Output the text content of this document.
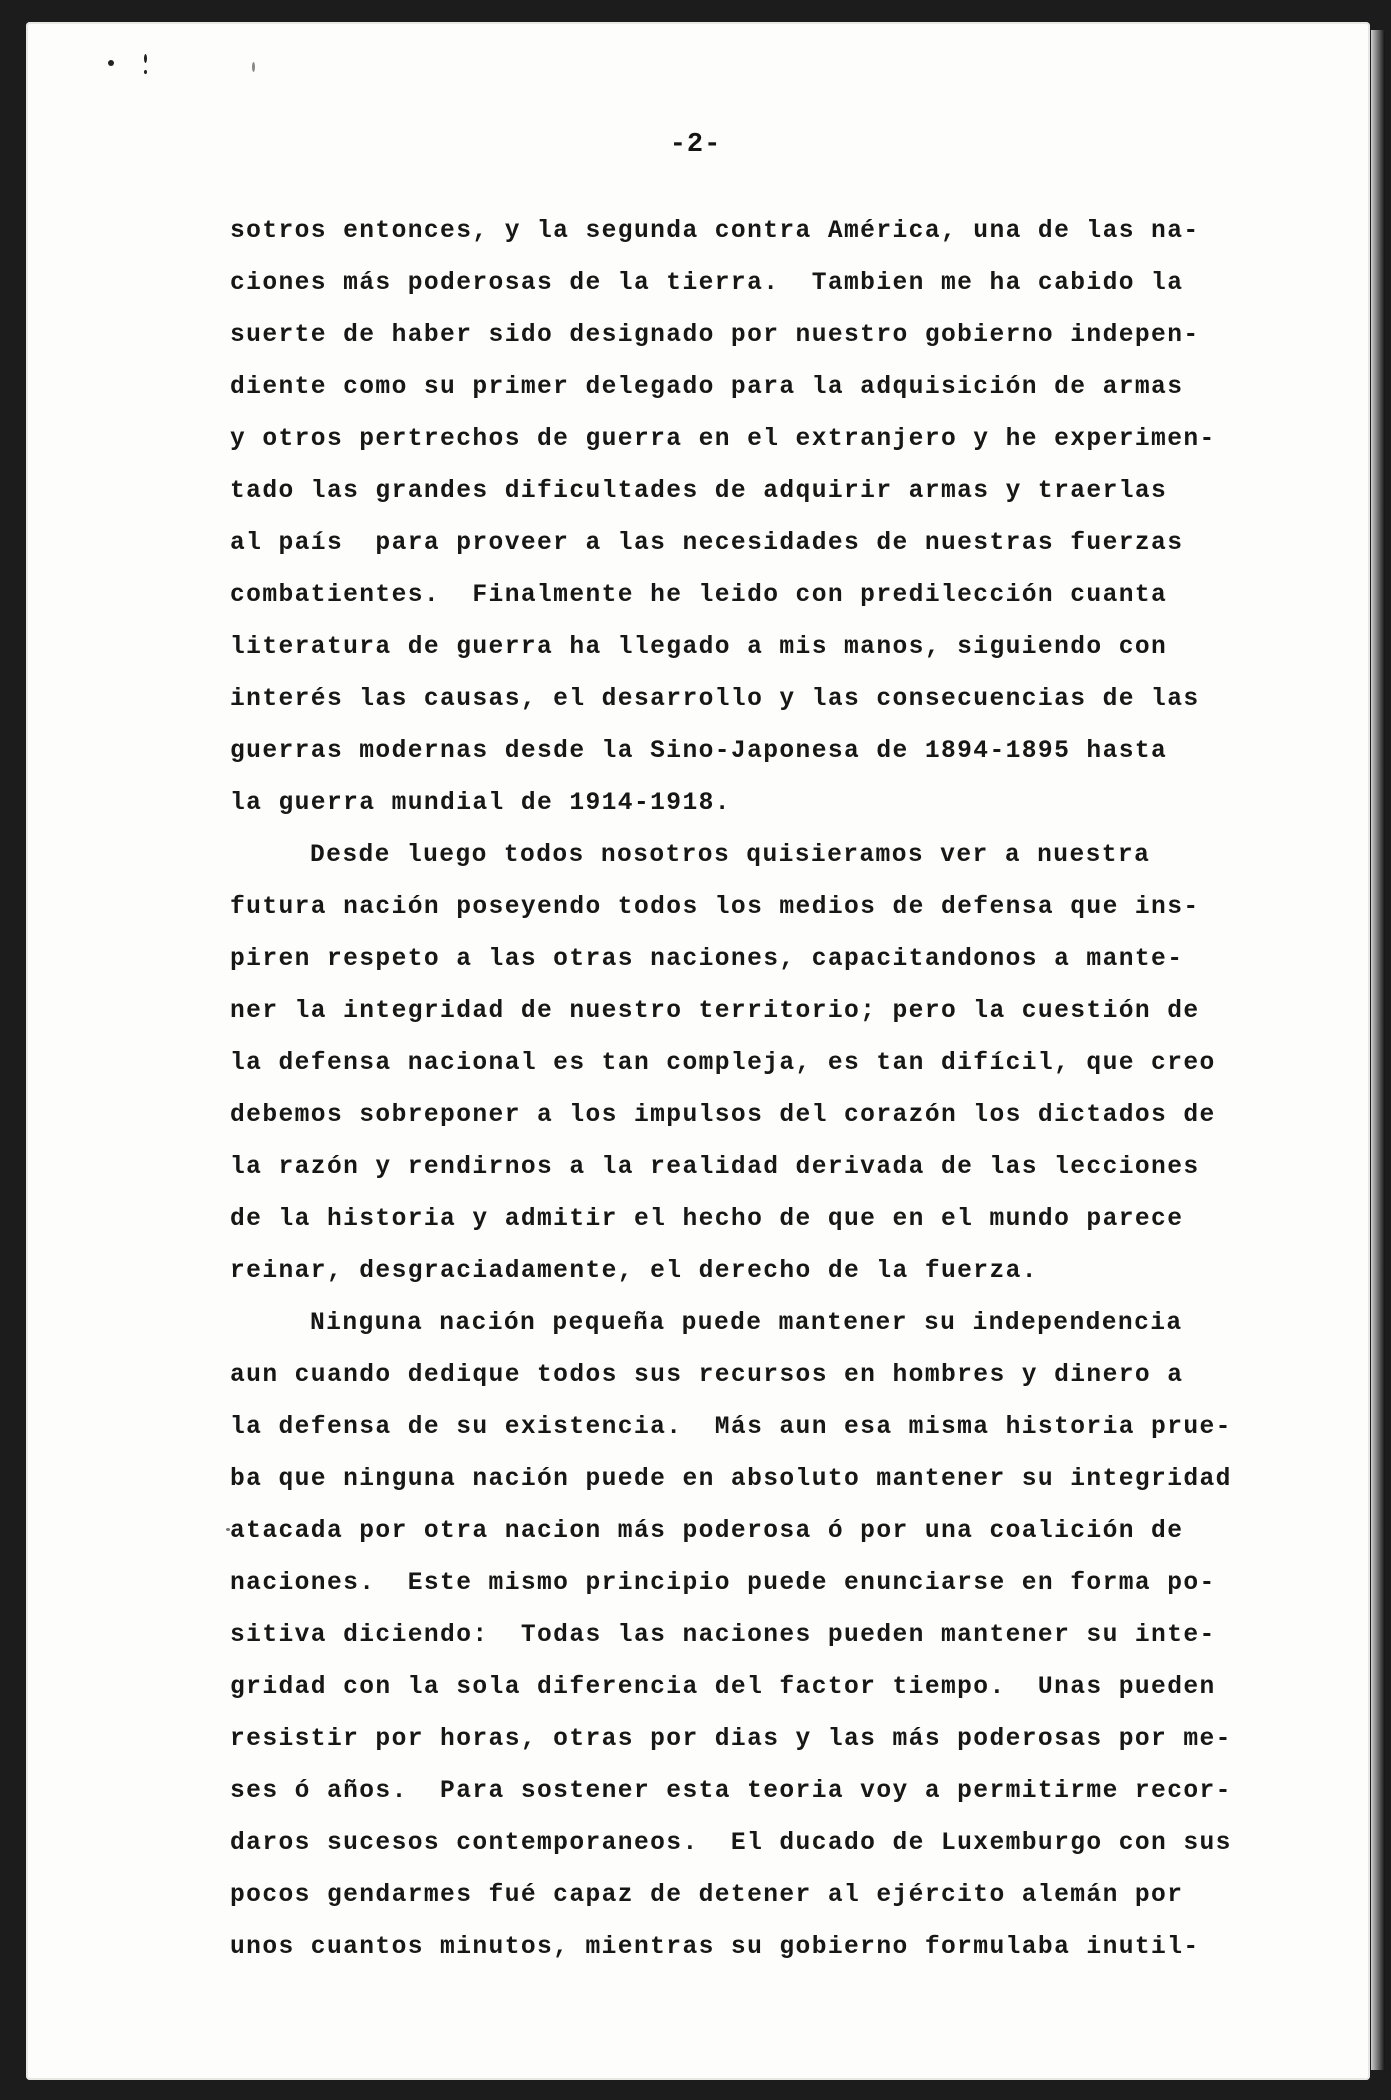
-2-
sotros entonces, y la segunda contra América, una de las na-
ciones más poderosas de la tierra.  Tambien me ha cabido la
suerte de haber sido designado por nuestro gobierno indepen-
diente como su primer delegado para la adquisición de armas
y otros pertrechos de guerra en el extranjero y he experimen-
tado las grandes dificultades de adquirir armas y traerlas
al país  para proveer a las necesidades de nuestras fuerzas
combatientes.  Finalmente he leido con predilección cuanta
literatura de guerra ha llegado a mis manos, siguiendo con
interés las causas, el desarrollo y las consecuencias de las
guerras modernas desde la Sino-Japonesa de 1894-1895 hasta
la guerra mundial de 1914-1918.
Desde luego todos nosotros quisieramos ver a nuestra
futura nación poseyendo todos los medios de defensa que ins-
piren respeto a las otras naciones, capacitandonos a mante-
ner la integridad de nuestro territorio; pero la cuestión de
la defensa nacional es tan compleja, es tan difícil, que creo
debemos sobreponer a los impulsos del corazón los dictados de
la razón y rendirnos a la realidad derivada de las lecciones
de la historia y admitir el hecho de que en el mundo parece
reinar, desgraciadamente, el derecho de la fuerza.
Ninguna nación pequeña puede mantener su independencia
aun cuando dedique todos sus recursos en hombres y dinero a
la defensa de su existencia.  Más aun esa misma historia prue-
ba que ninguna nación puede en absoluto mantener su integridad
atacada por otra nacion más poderosa ó por una coalición de
naciones.  Este mismo principio puede enunciarse en forma po-
sitiva diciendo:  Todas las naciones pueden mantener su inte-
gridad con la sola diferencia del factor tiempo.  Unas pueden
resistir por horas, otras por dias y las más poderosas por me-
ses ó años.  Para sostener esta teoria voy a permitirme recor-
daros sucesos contemporaneos.  El ducado de Luxemburgo con sus
pocos gendarmes fué capaz de detener al ejército alemán por
unos cuantos minutos, mientras su gobierno formulaba inutil-
